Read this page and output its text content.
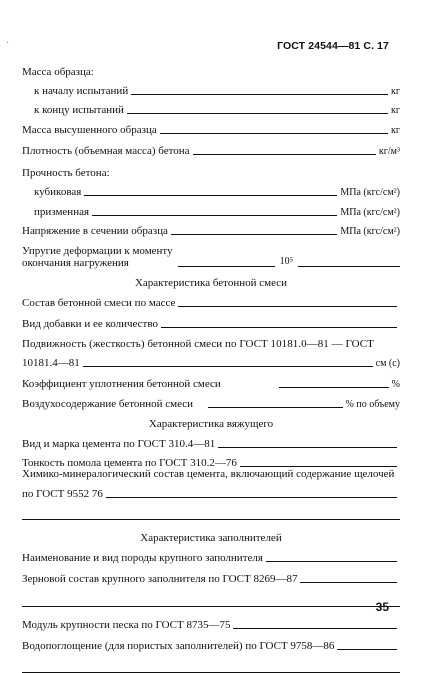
ГОСТ 24544—81 С. 17
·
Масса образца:
к началу испытаний	кг
к концу испытаний	кг
Масса высушенного образца	кг
Плотность (объемная масса) бетона	кг/м³
Прочность бетона:
кубиковая	МПа (кгс/см²)
призменная	МПа (кгс/см²)
Напряжение в сечении образца	МПа (кгс/см²)
Упругие деформации к моменту
окончания нагружения	10⁵
Характеристика бетонной смеси
Состав бетонной смеси по массе
Вид добавки и ее количество
Подвижность (жесткость) бетонной смеси по ГОСТ 10181.0—81 — ГОСТ
10181.4—81	см (с)
Коэффициент уплотнения бетонной смеси	%
Воздухосодержание бетонной смеси	% по объему
Характеристика вяжущего
Вид и марка цемента по ГОСТ 310.4—81
Тонкость помола цемента по ГОСТ 310.2—76
Химико-минералогический состав цемента, включающий содержание щелочей
по ГОСТ 9552 76
Характеристика заполнителей
Наименование и вид породы крупного заполнителя
Зерновой состав крупного заполнителя по ГОСТ 8269—87
Модуль крупности песка по ГОСТ 8735—75
Водопоглощение (для пористых заполнителей) по ГОСТ 9758—86
35
